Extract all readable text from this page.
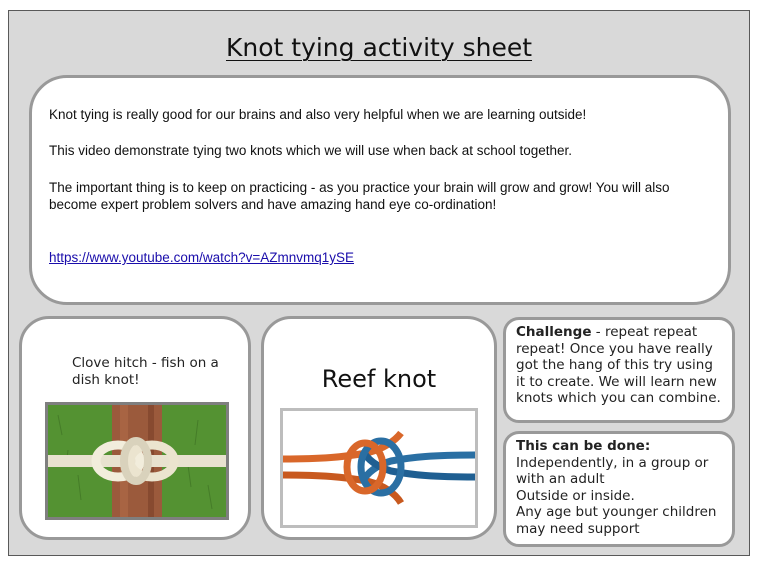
Knot tying activity sheet

Knot tying is really good for our brains and also very helpful when we are learning outside!

This video demonstrate tying two knots which we will use when back at school together.

The important thing is to keep on practicing - as you practice your brain will grow and grow! You will also become expert problem solvers and have amazing hand eye co-ordination!

https://www.youtube.com/watch?v=AZmnvmq1ySE

Clove hitch - fish on a dish knot!	Reef knot
Challenge - repeat repeat repeat! Once you have really got the hang of this try using it to create. We will learn new knots which you can combine.
This can be done:
Independently, in a group or with an adult
Outside or inside.
Any age but younger children may need support
